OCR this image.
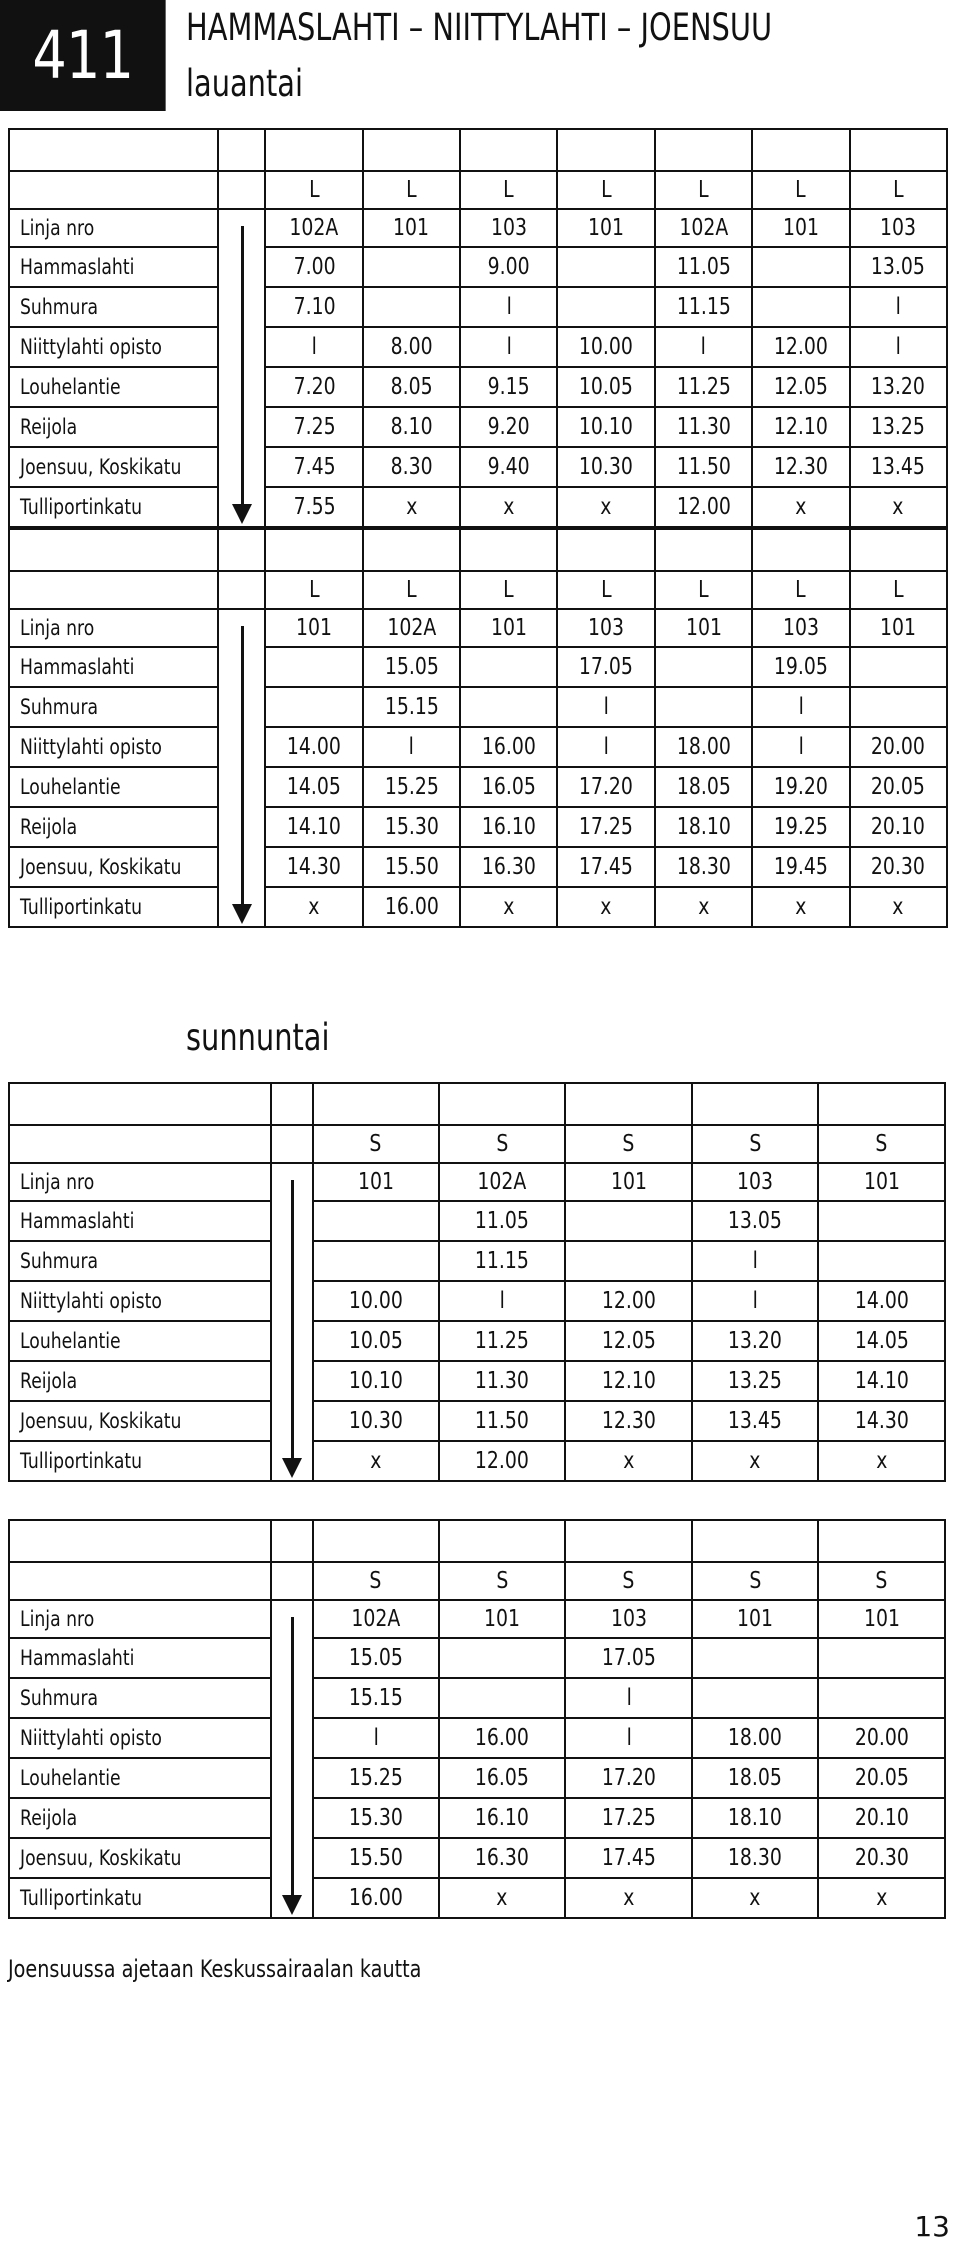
411 HAMMASLAHTI – NIITTYLAHTI – JOENSUU
lauantai
sunnuntai

		L	L	L	L	L	L	L
Linja nro		102A	101	103	101	102A	101	103
Hammaslahti		7.00		9.00		11.05		13.05
Suhmura		7.10		l		11.15		l
Niittylahti opisto		l	8.00	l	10.00	l	12.00	l
Louhelantie		7.20	8.05	9.15	10.05	11.25	12.05	13.20
Reijola		7.25	8.10	9.20	10.10	11.30	12.10	13.25
Joensuu, Koskikatu		7.45	8.30	9.40	10.30	11.50	12.30	13.45
Tulliportinkatu		7.55	x	x	x	12.00	x	x

		L	L	L	L	L	L	L
Linja nro		101	102A	101	103	101	103	101
Hammaslahti			15.05		17.05		19.05	
Suhmura			15.15		l		l	
Niittylahti opisto		14.00	l	16.00	l	18.00	l	20.00
Louhelantie		14.05	15.25	16.05	17.20	18.05	19.20	20.05
Reijola		14.10	15.30	16.10	17.25	18.10	19.25	20.10
Joensuu, Koskikatu		14.30	15.50	16.30	17.45	18.30	19.45	20.30
Tulliportinkatu		x	16.00	x	x	x	x	x

		S	S	S	S	S
Linja nro		101	102A	101	103	101
Hammaslahti			11.05		13.05	
Suhmura			11.15		l	
Niittylahti opisto		10.00	l	12.00	l	14.00
Louhelantie		10.05	11.25	12.05	13.20	14.05
Reijola		10.10	11.30	12.10	13.25	14.10
Joensuu, Koskikatu		10.30	11.50	12.30	13.45	14.30
Tulliportinkatu		x	12.00	x	x	x

		S	S	S	S	S
Linja nro		102A	101	103	101	101
Hammaslahti		15.05		17.05		
Suhmura		15.15		l		
Niittylahti opisto		l	16.00	l	18.00	20.00
Louhelantie		15.25	16.05	17.20	18.05	20.05
Reijola		15.30	16.10	17.25	18.10	20.10
Joensuu, Koskikatu		15.50	16.30	17.45	18.30	20.30
Tulliportinkatu		16.00	x	x	x	x
Joensuussa ajetaan Keskussairaalan kautta
13
